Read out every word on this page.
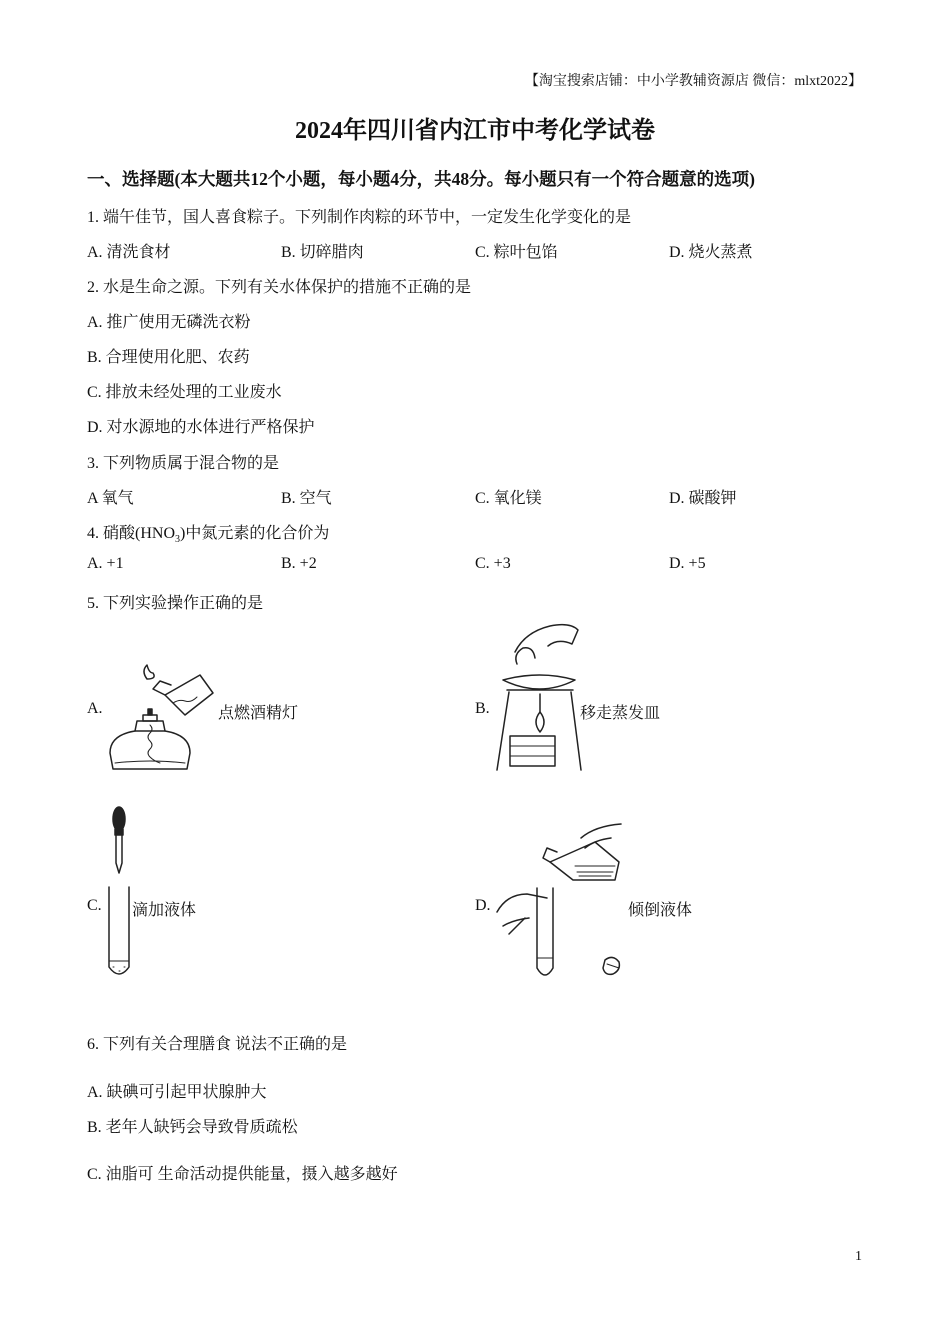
【淘宝搜索店铺：中小学教辅资源店 微信：mlxt2022】
2024年四川省内江市中考化学试卷
一、选择题(本大题共12个小题，每小题4分，共48分。每小题只有一个符合题意的选项)
1. 端午佳节，国人喜食粽子。下列制作肉粽的环节中，一定发生化学变化的是
A. 清洗食材	B. 切碎腊肉	C. 粽叶包馅	D. 烧火蒸煮
2. 水是生命之源。下列有关水体保护的措施不正确的是
A. 推广使用无磷洗衣粉
B. 合理使用化肥、农药
C. 排放未经处理的工业废水
D. 对水源地的水体进行严格保护
3. 下列物质属于混合物的是
A 氧气	B. 空气	C. 氧化镁	D. 碳酸钾
4. 硝酸$(HNO_3)$中氮元素的化合价为
A. +1	B. +2	C. +3	D. +5
5. 下列实验操作正确的是
A.	点燃酒精灯	B.	移走蒸发皿
C. 滴加液体	D.	倾倒液体
6. 下列有关合理膳食 说法不正确的是
A. 缺碘可引起甲状腺肿大
B. 老年人缺钙会导致骨质疏松
C. 油脂可 生命活动提供能量，摄入越多越好
1
